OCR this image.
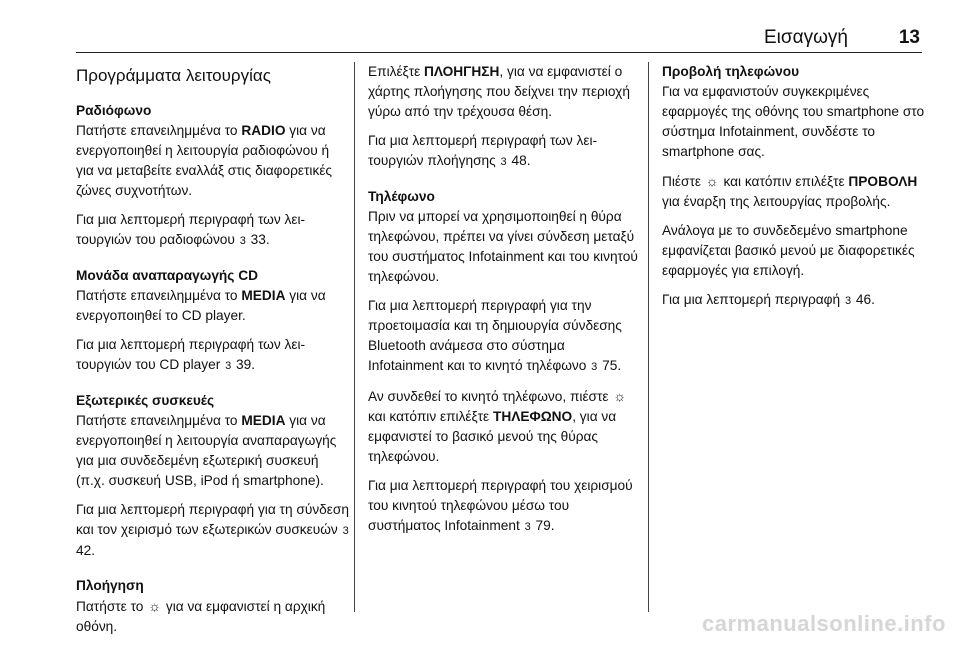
Εισαγωγή	13
Προγράμματα λειτουργίας

Ραδιόφωνο

Πατήστε επανειλημμένα το RADIO για να ενεργοποιηθεί η λειτουργία ραδιοφώνου ή για να μεταβείτε εναλλάξ στις διαφορετικές ζώνες συχνοτήτων.

Για μια λεπτομερή περιγραφή των λειτουργιών του ραδιοφώνου 3 33.

Μονάδα αναπαραγωγής CD

Πατήστε επανειλημμένα το MEDIA για να ενεργοποιηθεί το CD player.

Για μια λεπτομερή περιγραφή των λειτουργιών του CD player 3 39.

Εξωτερικές συσκευές

Πατήστε επανειλημμένα το MEDIA για να ενεργοποιηθεί η λειτουργία αναπαραγωγής για μια συνδεδεμένη εξωτερική συσκευή (π.χ. συσκευή USB, iPod ή smartphone).

Για μια λεπτομερή περιγραφή για τη σύνδεση και τον χειρισμό των εξωτερικών συσκευών 3 42.

Πλοήγηση

Πατήστε το ☼ για να εμφανιστεί η αρχική οθόνη.

Επιλέξτε ΠΛΟΗΓΗΣΗ, για να εμφανιστεί ο χάρτης πλοήγησης που δείχνει την περιοχή γύρω από την τρέχουσα θέση.

Για μια λεπτομερή περιγραφή των λειτουργιών πλοήγησης 3 48.

Τηλέφωνο

Πριν να μπορεί να χρησιμοποιηθεί η θύρα τηλεφώνου, πρέπει να γίνει σύνδεση μεταξύ του συστήματος Infotainment και του κινητού τηλεφώνου.

Για μια λεπτομερή περιγραφή για την προετοιμασία και τη δημιουργία σύνδεσης Bluetooth ανάμεσα στο σύστημα Infotainment και το κινητό τηλέφωνο 3 75.

Αν συνδεθεί το κινητό τηλέφωνο, πιέστε ☼ και κατόπιν επιλέξτε ΤΗΛΕΦΩΝΟ, για να εμφανιστεί το βασικό μενού της θύρας τηλεφώνου.

Για μια λεπτομερή περιγραφή του χειρισμού του κινητού τηλεφώνου μέσω του συστήματος Infotainment 3 79.

Προβολή τηλεφώνου

Για να εμφανιστούν συγκεκριμένες εφαρμογές της οθόνης του smartphone στο σύστημα Infotainment, συνδέστε το smartphone σας.

Πιέστε ☼ και κατόπιν επιλέξτε ΠΡΟΒΟΛΗ για έναρξη της λειτουργίας προβολής.

Ανάλογα με το συνδεδεμένο smartphone εμφανίζεται βασικό μενού με διαφορετικές εφαρμογές για επιλογή.

Για μια λεπτομερή περιγραφή 3 46.

carmanualsonline.info
